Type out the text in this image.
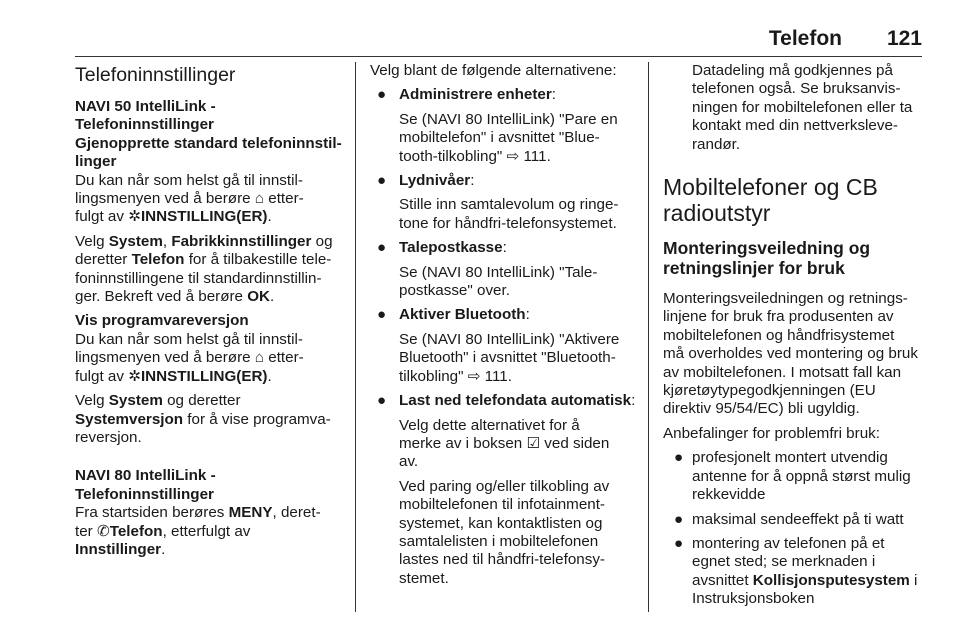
Telefon 121

Telefoninnstillinger

NAVI 50 IntelliLink -
Telefoninnstillinger

Gjenopprette standard telefoninnstil-
linger

Du kan når som helst gå til innstil-
lingsmenyen ved å berøre ⌂ etter-
fulgt av ✲INNSTILLING(ER).

Velg System, Fabrikkinnstillinger og
deretter Telefon for å tilbakestille tele-
foninnstillingene til standardinnstillin-
ger. Bekreft ved å berøre OK.

Vis programvareversjon

Du kan når som helst gå til innstil-
lingsmenyen ved å berøre ⌂ etter-
fulgt av ✲INNSTILLING(ER).

Velg System og deretter
Systemversjon for å vise programva-
reversjon.

NAVI 80 IntelliLink -
Telefoninnstillinger

Fra startsiden berøres MENY, deret-
ter ✆Telefon, etterfulgt av
Innstillinger.

Velg blant de følgende alternativene:

● Administrere enheter:

Se (NAVI 80 IntelliLink) "Pare en
mobiltelefon" i avsnittet "Blue-
tooth-tilkobling" ⇨ 111.

● Lydnivåer:

Stille inn samtalevolum og ringe-
tone for håndfri-telefonsystemet.

● Talepostkasse:

Se (NAVI 80 IntelliLink) "Tale-
postkasse" over.

● Aktiver Bluetooth:

Se (NAVI 80 IntelliLink) "Aktivere
Bluetooth" i avsnittet "Bluetooth-
tilkobling" ⇨ 111.

● Last ned telefondata automatisk:

Velg dette alternativet for å
merke av i boksen ☑ ved siden
av.

Ved paring og/eller tilkobling av
mobiltelefonen til infotainment-
systemet, kan kontaktlisten og
samtalelisten i mobiltelefonen
lastes ned til håndfri-telefonsy-
stemet.

Datadeling må godkjennes på
telefonen også. Se bruksanvis-
ningen for mobiltelefonen eller ta
kontakt med din nettverksleve-
randør.

Mobiltelefoner og CB
radioutstyr

Monteringsveiledning og
retningslinjer for bruk

Monteringsveiledningen og retnings-
linjene for bruk fra produsenten av
mobiltelefonen og håndfrisystemet
må overholdes ved montering og bruk
av mobiltelefonen. I motsatt fall kan
kjøretøytypegodkjenningen (EU
direktiv 95/54/EC) bli ugyldig.

Anbefalinger for problemfri bruk:

● profesjonelt montert utvendig
antenne for å oppnå størst mulig
rekkevidde

● maksimal sendeeffekt på ti watt

● montering av telefonen på et
egnet sted; se merknaden i
avsnittet Kollisjonsputesystem i
Instruksjonsboken
